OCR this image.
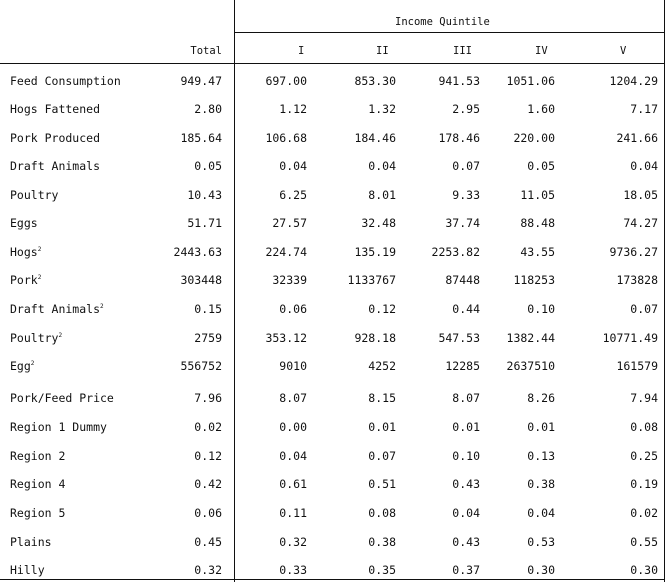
Income Quintile
Total	I	II	III	IV	V
Feed Consumption	949.47	697.00	853.30	941.53 1051.06	1204.29
Hogs Fattened	2.80	1.12	1.32	2.95	1.60	7.17
Pork Produced	185.64	106.68	184.46	178.46	220.00	241.66
Draft Animals	0.05	0.04	0.04	0.07	0.05	0.04
Poultry	10.43	6.25	8.01	9.33	11.05	18.05
Eggs	51.71	27.57	32.48	37.74	88.48	74.27
Hogs$^2$	2443.63	224.74	135.19	2253.82	43.55	9736.27
Pork$^2$	303448	32339	1133767	87448	118253	173828
Draft Animals$^2$	0.15	0.06	0.12	0.44	0.10	0.07
Poultry$^2$	2759	353.12	928.18	547.53 1382.44	10771.49
Egg$^2$	556752	9010	4252	12285 2637510	161579
Pork/Feed Price	7.96	8.07	8.15	8.07	8.26	7.94
Region 1 Dummy	0.02	0.00	0.01	0.01	0.01	0.08
Region 2	0.12	0.04	0.07	0.10	0.13	0.25
Region 4	0.42	0.61	0.51	0.43	0.38	0.19
Region 5	0.06	0.11	0.08	0.04	0.04	0.02
Plains	0.45	0.32	0.38	0.43	0.53	0.55
Hilly	0.32	0.33	0.35	0.37	0.30	0.30
